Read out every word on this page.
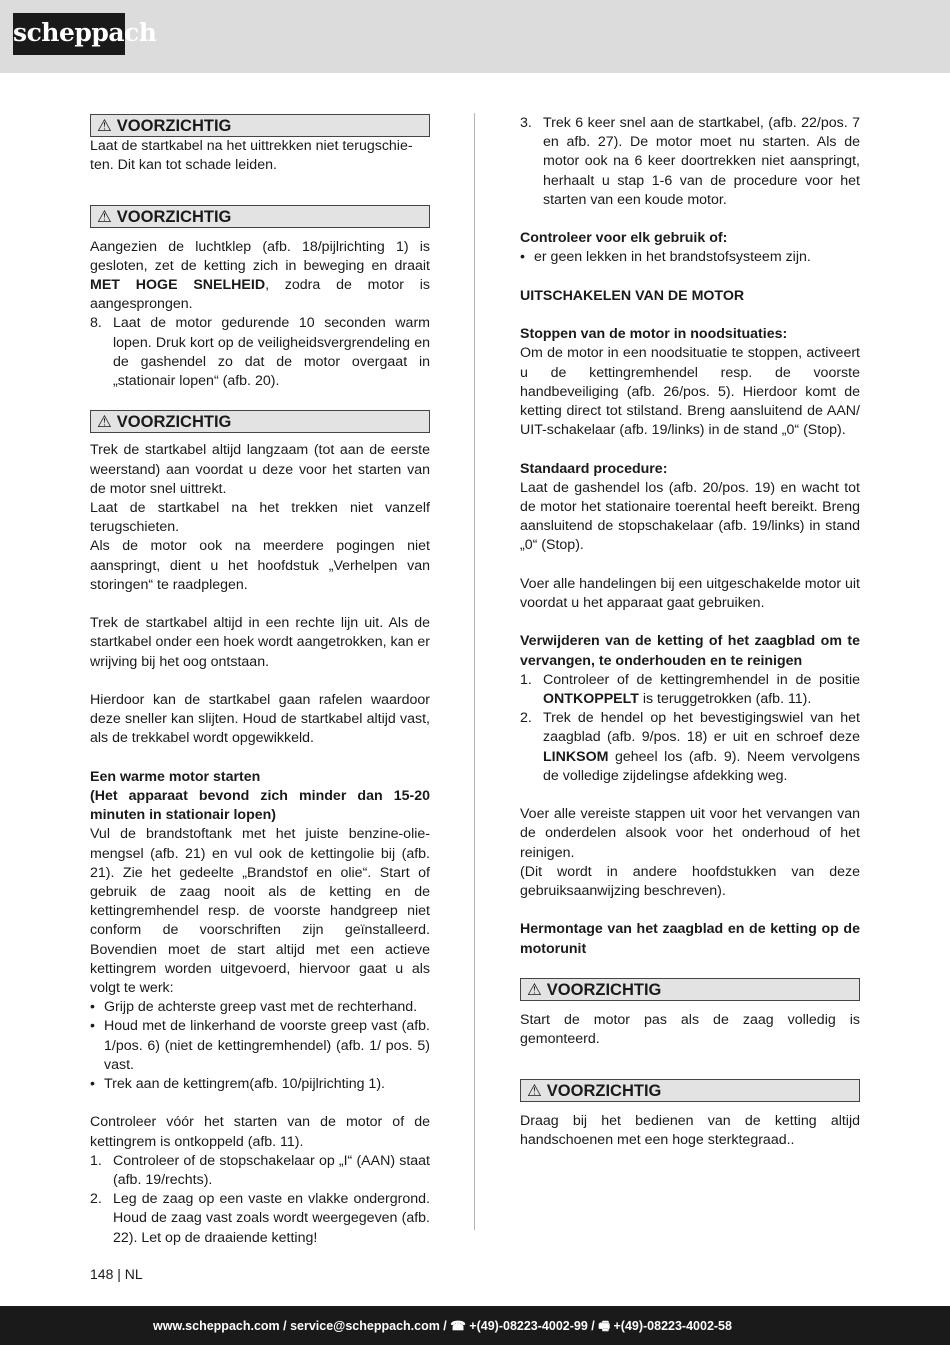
scheppach
⚠ VOORZICHTIG

Laat de startkabel na het uittrekken niet terugschie-ten. Dit kan tot schade leiden.

⚠ VOORZICHTIG

Aangezien de luchtklep (afb. 18/pijlrichting 1) is gesloten, zet de ketting zich in beweging en draait MET HOGE SNELHEID, zodra de motor is aangesprongen.

8. Laat de motor gedurende 10 seconden warm lopen. Druk kort op de veiligheidsvergrendeling en de gashendel zo dat de motor overgaat in „stationair lopen“ (afb. 20).
⚠ VOORZICHTIG

Trek de startkabel altijd langzaam (tot aan de eerste weerstand) aan voordat u deze voor het starten van de motor snel uittrekt.

Laat de startkabel na het trekken niet vanzelf terugschieten.

Als de motor ook na meerdere pogingen niet aanspringt, dient u het hoofdstuk „Verhelpen van storingen“ te raadplegen.

Trek de startkabel altijd in een rechte lijn uit. Als de startkabel onder een hoek wordt aangetrokken, kan er wrijving bij het oog ontstaan.

Hierdoor kan de startkabel gaan rafelen waardoor deze sneller kan slijten. Houd de startkabel altijd vast, als de trekkabel wordt opgewikkeld.

Een warme motor starten

(Het apparaat bevond zich minder dan 15-20 minuten in stationair lopen)

Vul de brandstoftank met het juiste benzine-olie-mengsel (afb. 21) en vul ook de kettingolie bij (afb. 21). Zie het gedeelte „Brandstof en olie“. Start of gebruik de zaag nooit als de ketting en de kettingremhendel resp. de voorste handgreep niet conform de voorschriften zijn geïnstalleerd. Bovendien moet de start altijd met een actieve kettingrem worden uitgevoerd, hiervoor gaat u als volgt te werk:

• Grijp de achterste greep vast met de rechterhand.
• Houd met de linkerhand de voorste greep vast (afb. 1/pos. 6) (niet de kettingremhendel) (afb. 1/ pos. 5) vast.
• Trek aan de kettingrem(afb. 10/pijlrichting 1).

Controleer vóór het starten van de motor of de kettingrem is ontkoppeld (afb. 11).

1. Controleer of de stopschakelaar op „I“ (AAN) staat (afb. 19/rechts).
2. Leg de zaag op een vaste en vlakke ondergrond. Houd de zaag vast zoals wordt weergegeven (afb. 22). Let op de draaiende ketting!
3. Trek 6 keer snel aan de startkabel, (afb. 22/pos. 7 en afb. 27). De motor moet nu starten. Als de motor ook na 6 keer doortrekken niet aanspringt, herhaalt u stap 1-6 van de procedure voor het starten van een koude motor.

Controleer voor elk gebruik of:

• er geen lekken in het brandstofsysteem zijn.

UITSCHAKELEN VAN DE MOTOR

Stoppen van de motor in noodsituaties:

Om de motor in een noodsituatie te stoppen, activeert u de kettingremhendel resp. de voorste handbeveiliging (afb. 26/pos. 5). Hierdoor komt de ketting direct tot stilstand. Breng aansluitend de AAN/ UIT-schakelaar (afb. 19/links) in de stand „0“ (Stop).

Standaard procedure:

Laat de gashendel los (afb. 20/pos. 19) en wacht tot de motor het stationaire toerental heeft bereikt. Breng aansluitend de stopschakelaar (afb. 19/links) in stand „0“ (Stop).

Voer alle handelingen bij een uitgeschakelde motor uit voordat u het apparaat gaat gebruiken.

Verwijderen van de ketting of het zaagblad om te vervangen, te onderhouden en te reinigen

1. Controleer of de kettingremhendel in de positie ONTKOPPELT is teruggetrokken (afb. 11).
2. Trek de hendel op het bevestigingswiel van het zaagblad (afb. 9/pos. 18) er uit en schroef deze LINKSOM geheel los (afb. 9). Neem vervolgens de volledige zijdelingse afdekking weg.

Voer alle vereiste stappen uit voor het vervangen van de onderdelen alsook voor het onderhoud of het reinigen.

(Dit wordt in andere hoofdstukken van deze gebruiksaanwijzing beschreven).

Hermontage van het zaagblad en de ketting op de motorunit

⚠ VOORZICHTIG

Start de motor pas als de zaag volledig is gemonteerd.

⚠ VOORZICHTIG

Draag bij het bedienen van de ketting altijd handschoenen met een hoge sterktegraad..

148 | NL
www.scheppach.com / service@scheppach.com / ☎ +(49)-08223-4002-99 / 🖷 +(49)-08223-4002-58
